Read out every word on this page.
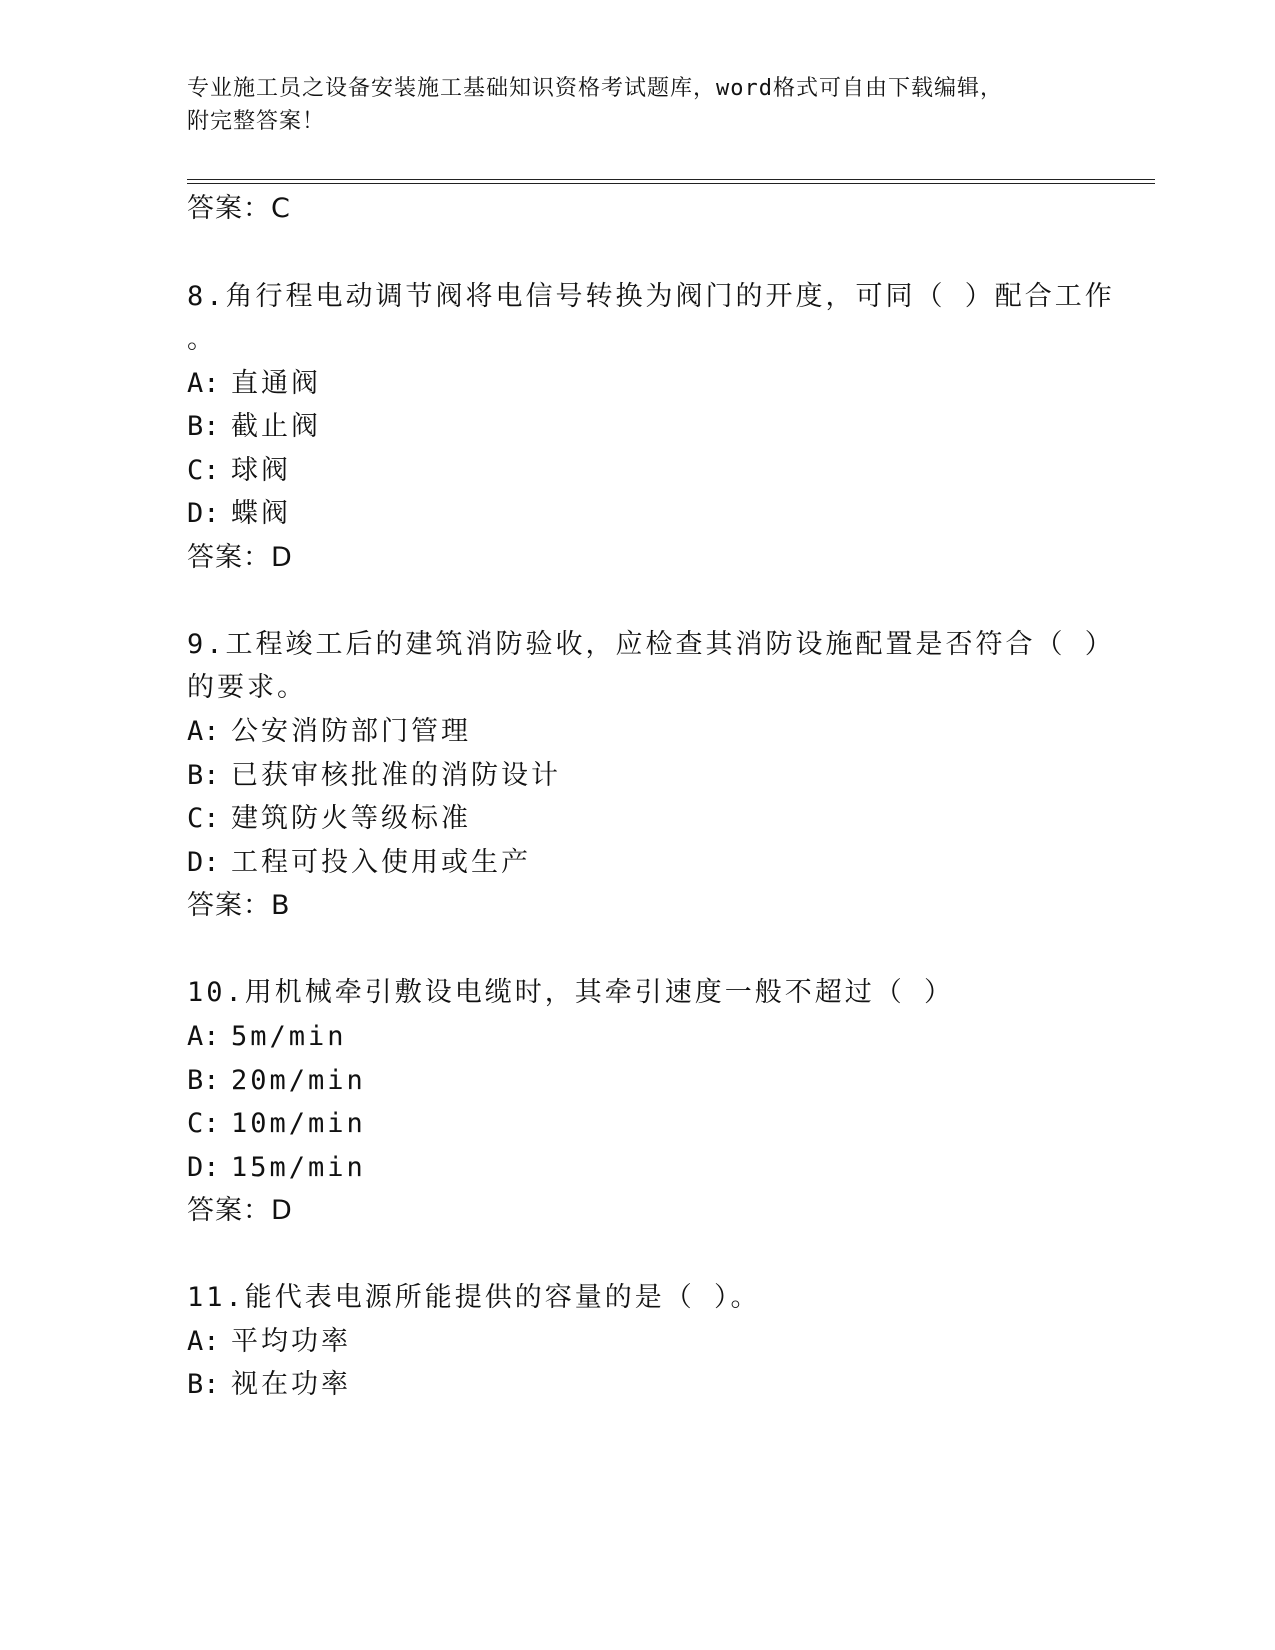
专业施工员之设备安装施工基础知识资格考试题库，word格式可自由下载编辑，
附完整答案！
答案：C
8.角行程电动调节阀将电信号转换为阀门的开度，可同（ ）配合工作
。
A: 直通阀
B: 截止阀
C: 球阀
D: 蝶阀
答案：D
9.工程竣工后的建筑消防验收，应检查其消防设施配置是否符合（ ）
的要求。
A: 公安消防部门管理
B: 已获审核批准的消防设计
C: 建筑防火等级标准
D: 工程可投入使用或生产
答案：B
10.用机械牵引敷设电缆时，其牵引速度一般不超过（ ）
A: 5m/min
B: 20m/min
C: 10m/min
D: 15m/min
答案：D
11.能代表电源所能提供的容量的是（ ）。
A: 平均功率
B: 视在功率
